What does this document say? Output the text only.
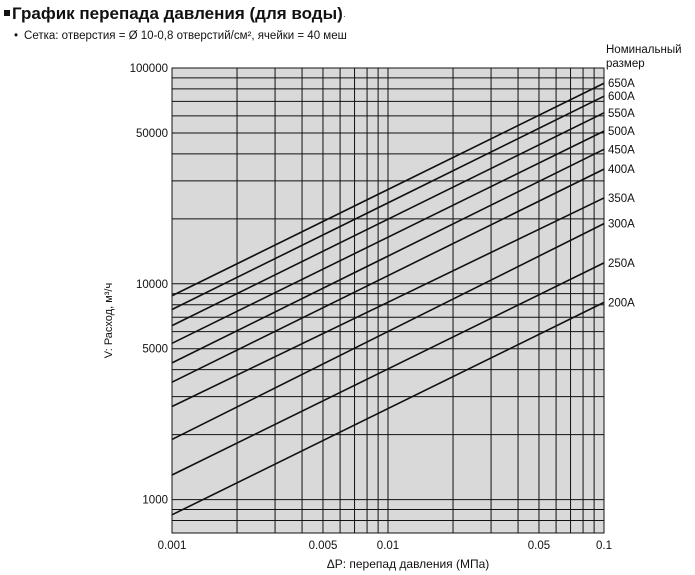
График перепада давления (для воды)·
• Сетка: отверстия = Ø 10-0,8 отверстий/см², ячейки = 40 меш
0.001	0.005	0.01	0.05	0.1
1000
5000
10000
50000
100000
650A
600A
550A
500A
450A
400A
350A
300A
250A
200A
ΔP: перепад давления (МПа)
V: Расход, м³/ч
Номинальный
размер
